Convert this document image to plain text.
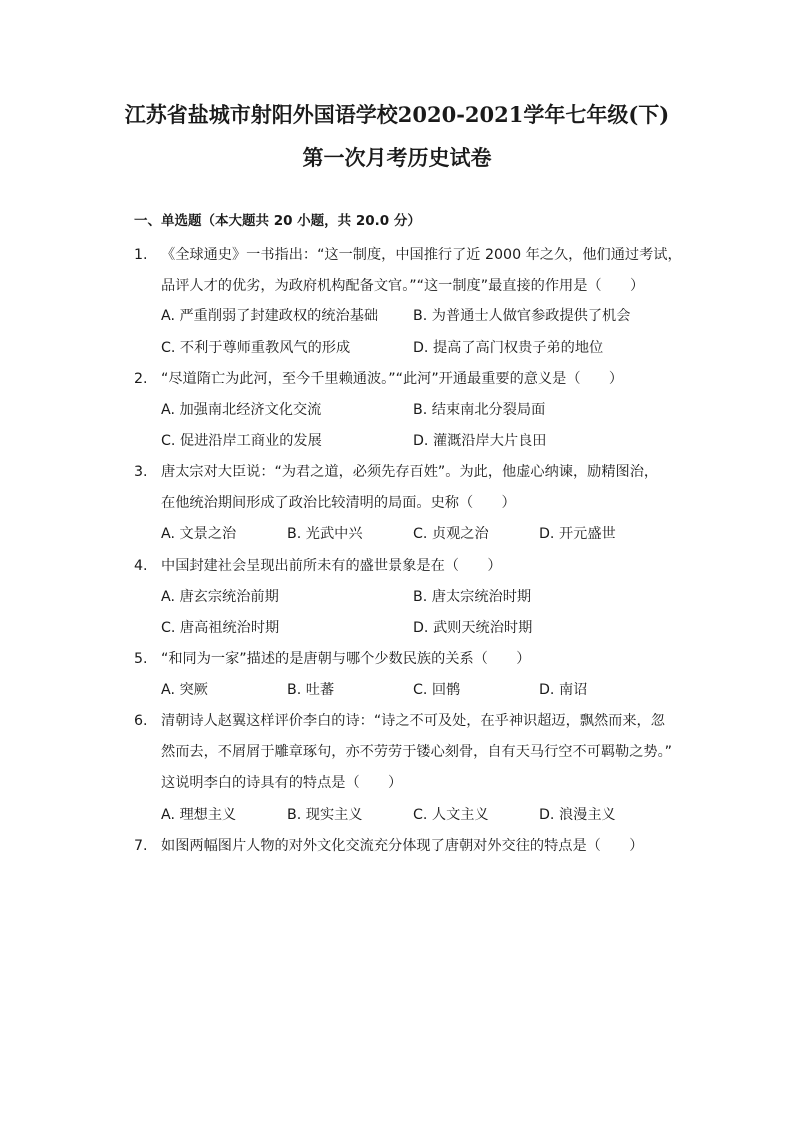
江苏省盐城市射阳外国语学校2020-2021学年七年级(下)
第一次月考历史试卷
一、单选题（本大题共 20 小题，共 20.0 分）
1. 《全球通史》一书指出：“这一制度，中国推行了近 2000 年之久，他们通过考试，
品评人才的优劣，为政府机构配备文官。”“这一制度”最直接的作用是（　　）
A. 严重削弱了封建政权的统治基础 B. 为普通士人做官参政提供了机会
C. 不利于尊师重教风气的形成	D. 提高了高门权贵子弟的地位
2. “尽道隋亡为此河，至今千里赖通波。”“此河”开通最重要的意义是（　　）
A. 加强南北经济文化交流	B. 结束南北分裂局面
C. 促进沿岸工商业的发展	D. 灌溉沿岸大片良田
3. 唐太宗对大臣说：“为君之道，必须先存百姓”。为此，他虚心纳谏，励精图治，
在他统治期间形成了政治比较清明的局面。史称（　　）
A. 文景之治	B. 光武中兴	C. 贞观之治	D. 开元盛世
4. 中国封建社会呈现出前所未有的盛世景象是在（　　）
A. 唐玄宗统治前期	B. 唐太宗统治时期
C. 唐高祖统治时期	D. 武则天统治时期
5. “和同为一家”描述的是唐朝与哪个少数民族的关系（　　）
A. 突厥	B. 吐蕃	C. 回鹘	D. 南诏
6. 清朝诗人赵翼这样评价李白的诗：“诗之不可及处，在乎神识超迈，飘然而来，忽
然而去，不屑屑于雕章琢句，亦不劳劳于镂心刻骨，自有天马行空不可羁勒之势。”
这说明李白的诗具有的特点是（　　）
A. 理想主义	B. 现实主义	C. 人文主义	D. 浪漫主义
7. 如图两幅图片人物的对外文化交流充分体现了唐朝对外交往的特点是（　　）
